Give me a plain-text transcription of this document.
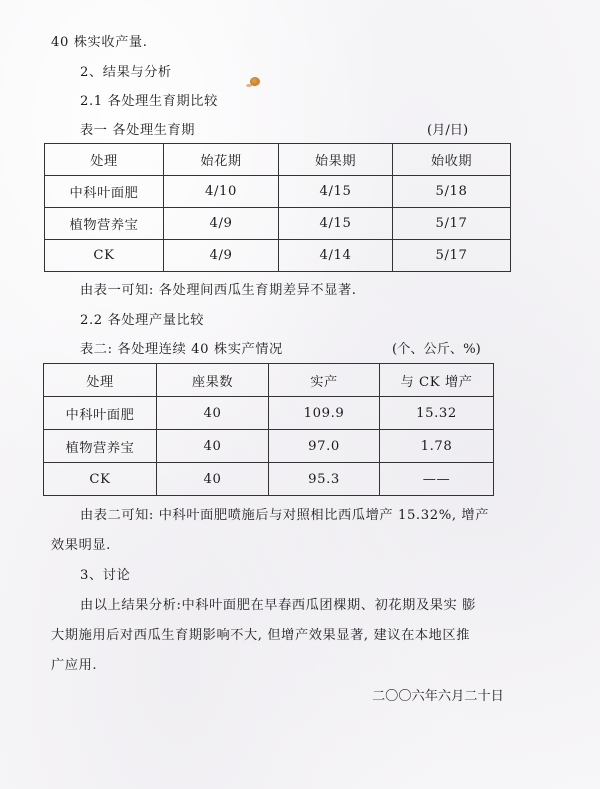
40 株实收产量.
2、结果与分析
2.1 各处理生育期比较
表一 各处理生育期	(月/日)
处理	始花期	始果期	始收期
中科叶面肥	4/10	4/15	5/18
植物营养宝	4/9	4/15	5/17
CK	4/9	4/14	5/17
由表一可知: 各处理间西瓜生育期差异不显著.
2.2 各处理产量比较
表二: 各处理连续 40 株实产情况	(个、公斤、%)
处理	座果数	实产	与 CK 增产
中科叶面肥	40	109.9	15.32
植物营养宝	40	97.0	1.78
CK	40	95.3	——
由表二可知: 中科叶面肥喷施后与对照相比西瓜增产 15.32%, 增产
效果明显.
3、讨论
由以上结果分析:中科叶面肥在早春西瓜团棵期、初花期及果实 膨
大期施用后对西瓜生育期影响不大, 但增产效果显著, 建议在本地区推
广应用.
二〇〇六年六月二十日
